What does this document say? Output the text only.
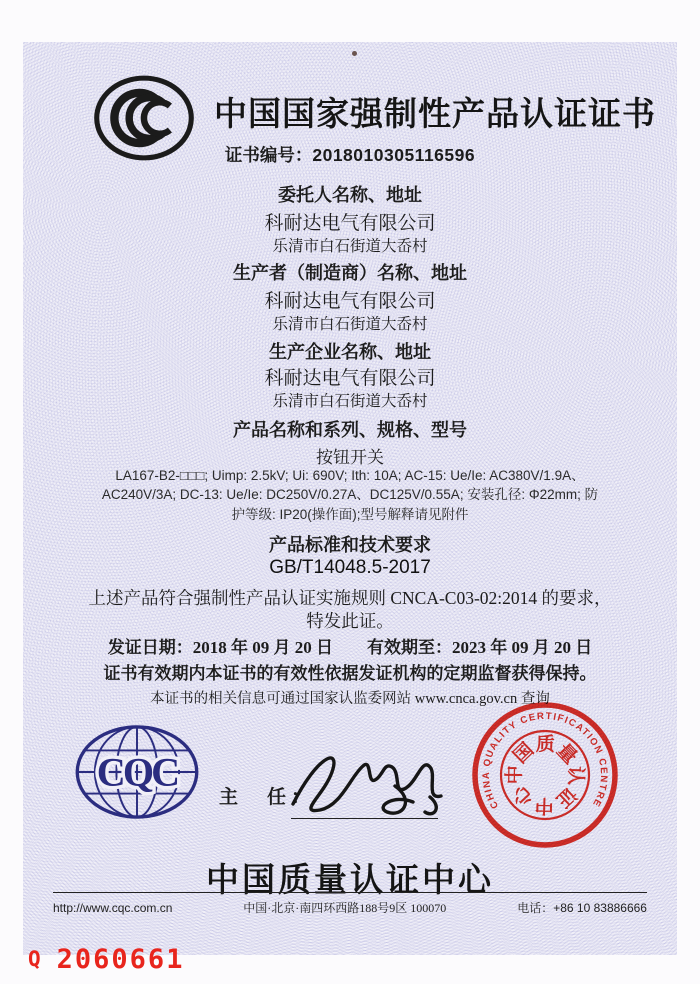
中国国家强制性产品认证证书
证书编号：2018010305116596
委托人名称、地址
科耐达电气有限公司
乐清市白石街道大岙村
生产者（制造商）名称、地址
科耐达电气有限公司
乐清市白石街道大岙村
生产企业名称、地址
科耐达电气有限公司
乐清市白石街道大岙村
产品名称和系列、规格、型号
按钮开关
LA167-B2-□□□; Uimp: 2.5kV; Ui: 690V; Ith: 10A; AC-15: Ue/Ie: AC380V/1.9A、
AC240V/3A; DC-13: Ue/Ie: DC250V/0.27A、DC125V/0.55A; 安装孔径: Φ22mm; 防
护等级: IP20(操作面);型号解释请见附件
产品标准和技术要求
GB/T14048.5-2017
上述产品符合强制性产品认证实施规则 CNCA-C03-02:2014 的要求，
特发此证。
发证日期：2018 年 09 月 20 日 有效期至：2023 年 09 月 20 日
证书有效期内本证书的有效性依据发证机构的定期监督获得保持。
本证书的相关信息可通过国家认监委网站 www.cnca.gov.cn 查询
CQC
主　任：	CHINA QUALITY CERTIFICATION CENTRE
中国质量认证中心
中国质量认证中心
http://www.cqc.com.cn	中国·北京·南四环西路188号9区 100070	电话：+86 10 83886666
Q 2060661
